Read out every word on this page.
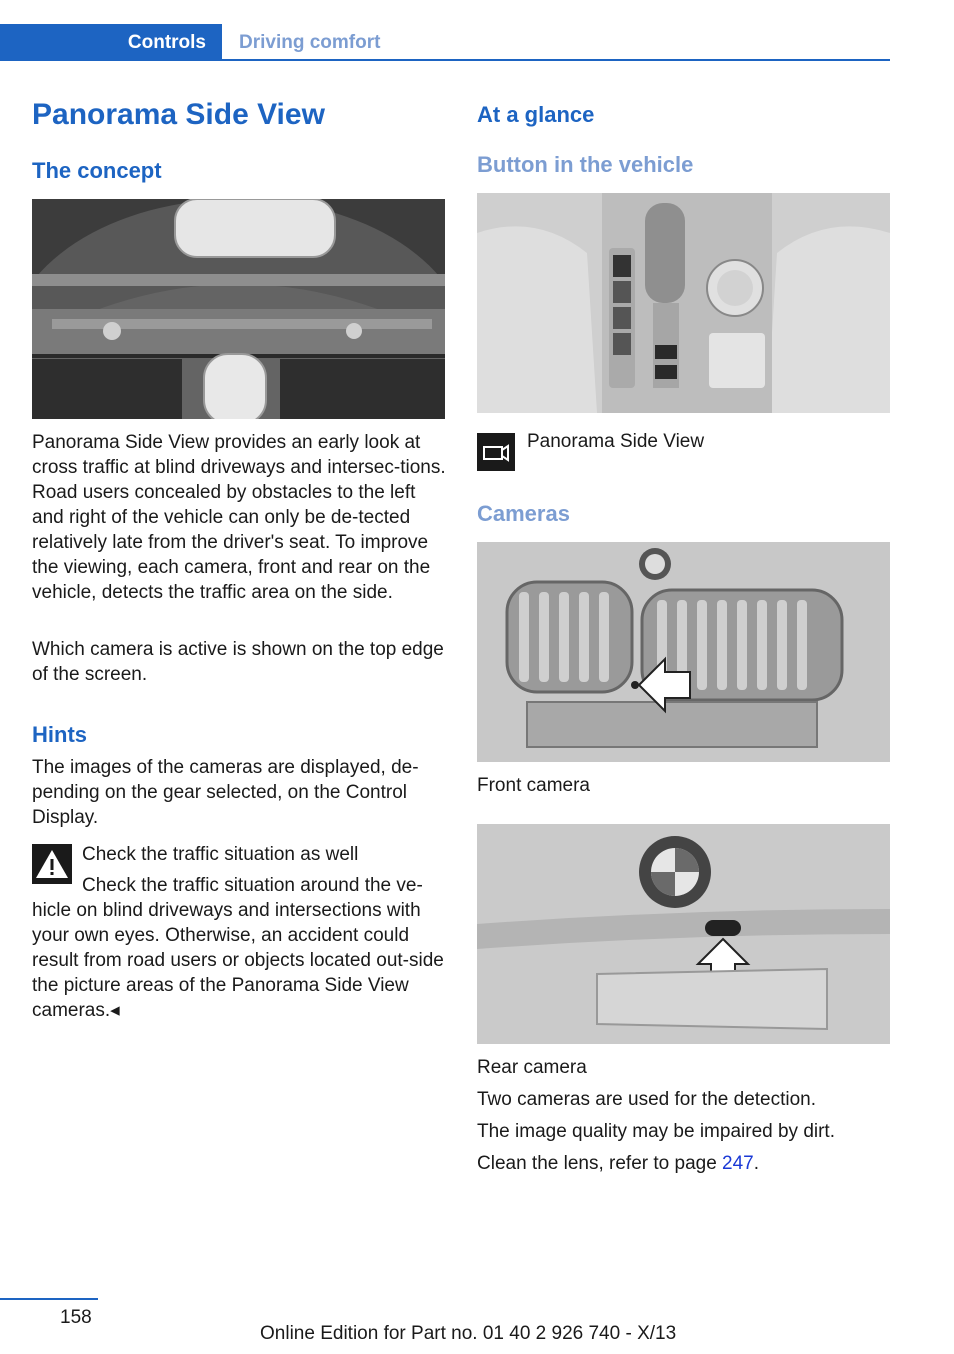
Controls Driving comfort
Panorama Side View
The concept

Panorama Side View provides an early look at cross traffic at blind driveways and intersec-tions. Road users concealed by obstacles to the left and right of the vehicle can only be de-tected relatively late from the driver's seat. To improve the viewing, each camera, front and rear on the vehicle, detects the traffic area on the side.

Which camera is active is shown on the top edge of the screen.

Hints

The images of the cameras are displayed, de-pending on the gear selected, on the Control Display.

Check the traffic situation as well

Check the traffic situation around the ve-hicle on blind driveways and intersections with your own eyes. Otherwise, an accident could result from road users or objects located out-side the picture areas of the Panorama Side View cameras.◂

At a glance
Button in the vehicle

Panorama Side View

Cameras

Front camera

Rear camera

Two cameras are used for the detection.

The image quality may be impaired by dirt.

Clean the lens, refer to page 247.

158
Online Edition for Part no. 01 40 2 926 740 - X/13
